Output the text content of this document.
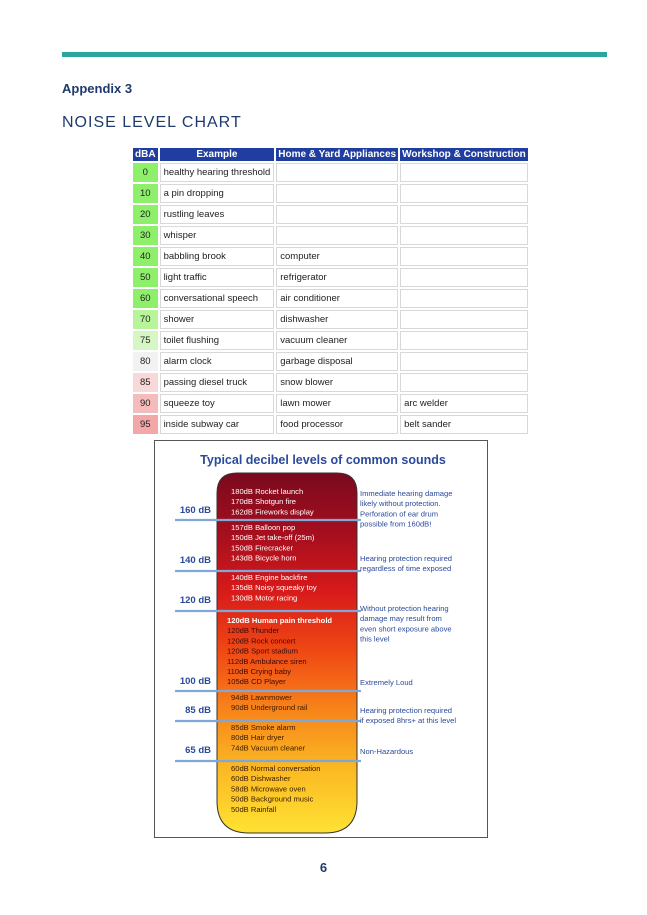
Appendix 3
NOISE LEVEL CHART
dBA	Example	Home & Yard Appliances	Workshop & Construction
0	healthy hearing threshold		
10	a pin dropping		
20	rustling leaves		
30	whisper		
40	babbling brook	computer	
50	light traffic	refrigerator	
60	conversational speech	air conditioner	
70	shower	dishwasher	
75	toilet flushing	vacuum cleaner	
80	alarm clock	garbage disposal	
85	passing diesel truck	snow blower	
90	squeeze toy	lawn mower	arc welder
95	inside subway car	food processor	belt sander
Typical decibel levels of common sounds
160 dB
140 dB
120 dB
100 dB
85 dB
65 dB
180dB Rocket launch
170dB Shotgun fire
162dB Fireworks display
157dB Balloon pop
150dB Jet take-off (25m)
150dB Firecracker
143dB Bicycle horn
140dB Engine backfire
135dB Noisy squeaky toy
130dB Motor racing
120dB Human pain threshold
120dB Thunder
120dB Rock concert
120dB Sport stadium
112dB Ambulance siren
110dB Crying baby
105dB CD Player
94dB Lawnmower
90dB Underground rail
85dB Smoke alarm
80dB Hair dryer
74dB Vacuum cleaner
60dB Normal conversation
60dB Dishwasher
58dB Microwave oven
50dB Background music
50dB Rainfall
Immediate hearing damage
likely without protection.
Perforation of ear drum
possible from 160dB!
Hearing protection required
regardless of time exposed
Without protection hearing
damage may result from
even short exposure above
this level
Extremely Loud
Hearing protection required
if exposed 8hrs+ at this level
Non-Hazardous
6
